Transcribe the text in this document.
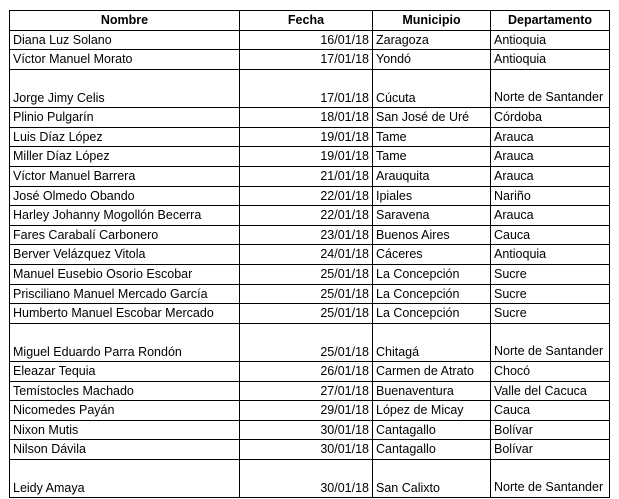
Nombre	Fecha	Municipio	Departamento
Diana Luz Solano	16/01/18	Zaragoza	Antioquia
Víctor Manuel Morato	17/01/18	Yondó	Antioquia
Jorge Jimy Celis	17/01/18	Cúcuta	Norte de Santander
Plinio Pulgarín	18/01/18	San José de Uré	Córdoba
Luis Díaz López	19/01/18	Tame	Arauca
Miller Díaz López	19/01/18	Tame	Arauca
Víctor Manuel Barrera	21/01/18	Arauquita	Arauca
José Olmedo Obando	22/01/18	Ipiales	Nariño
Harley Johanny Mogollón Becerra	22/01/18	Saravena	Arauca
Fares Carabalí Carbonero	23/01/18	Buenos Aires	Cauca
Berver Velázquez Vitola	24/01/18	Cáceres	Antioquia
Manuel Eusebio Osorio Escobar	25/01/18	La Concepción	Sucre
Prisciliano Manuel Mercado García	25/01/18	La Concepción	Sucre
Humberto Manuel Escobar Mercado	25/01/18	La Concepción	Sucre
Miguel Eduardo Parra Rondón	25/01/18	Chitagá	Norte de Santander
Eleazar Tequia	26/01/18	Carmen de Atrato	Chocó
Temístocles Machado	27/01/18	Buenaventura	Valle del Cacuca
Nicomedes Payán	29/01/18	López de Micay	Cauca
Nixon Mutis	30/01/18	Cantagallo	Bolívar
Nilson Dávila	30/01/18	Cantagallo	Bolívar
Leidy Amaya	30/01/18	San Calixto	Norte de Santander
